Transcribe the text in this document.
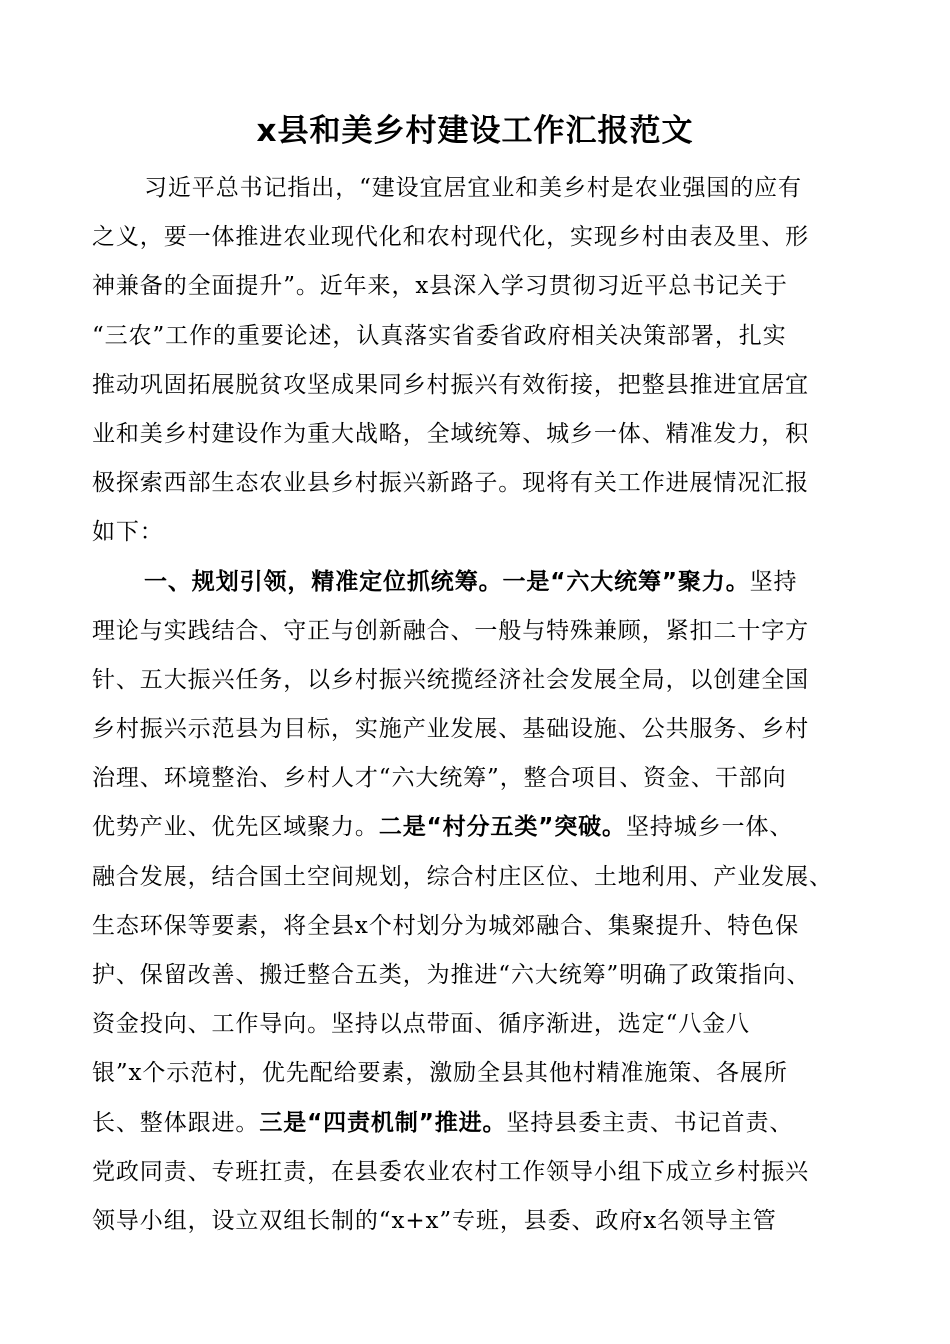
x县和美乡村建设工作汇报范文
习近平总书记指出，“建设宜居宜业和美乡村是农业强国的应有
之义，要一体推进农业现代化和农村现代化，实现乡村由表及里、形
神兼备的全面提升”。近年来，x县深入学习贯彻习近平总书记关于
“三农”工作的重要论述，认真落实省委省政府相关决策部署，扎实
推动巩固拓展脱贫攻坚成果同乡村振兴有效衔接，把整县推进宜居宜
业和美乡村建设作为重大战略，全域统筹、城乡一体、精准发力，积
极探索西部生态农业县乡村振兴新路子。现将有关工作进展情况汇报
如下：
一、规划引领，精准定位抓统筹。一是“六大统筹”聚力。坚持
理论与实践结合、守正与创新融合、一般与特殊兼顾，紧扣二十字方
针、五大振兴任务，以乡村振兴统揽经济社会发展全局，以创建全国
乡村振兴示范县为目标，实施产业发展、基础设施、公共服务、乡村
治理、环境整治、乡村人才“六大统筹”，整合项目、资金、干部向
优势产业、优先区域聚力。二是“村分五类”突破。坚持城乡一体、
融合发展，结合国土空间规划，综合村庄区位、土地利用、产业发展、
生态环保等要素，将全县x个村划分为城郊融合、集聚提升、特色保
护、保留改善、搬迁整合五类，为推进“六大统筹”明确了政策指向、
资金投向、工作导向。坚持以点带面、循序渐进，选定“八金八
银”x个示范村，优先配给要素，激励全县其他村精准施策、各展所
长、整体跟进。三是“四责机制”推进。坚持县委主责、书记首责、
党政同责、专班扛责，在县委农业农村工作领导小组下成立乡村振兴
领导小组，设立双组长制的“x+x”专班，县委、政府x名领导主管
